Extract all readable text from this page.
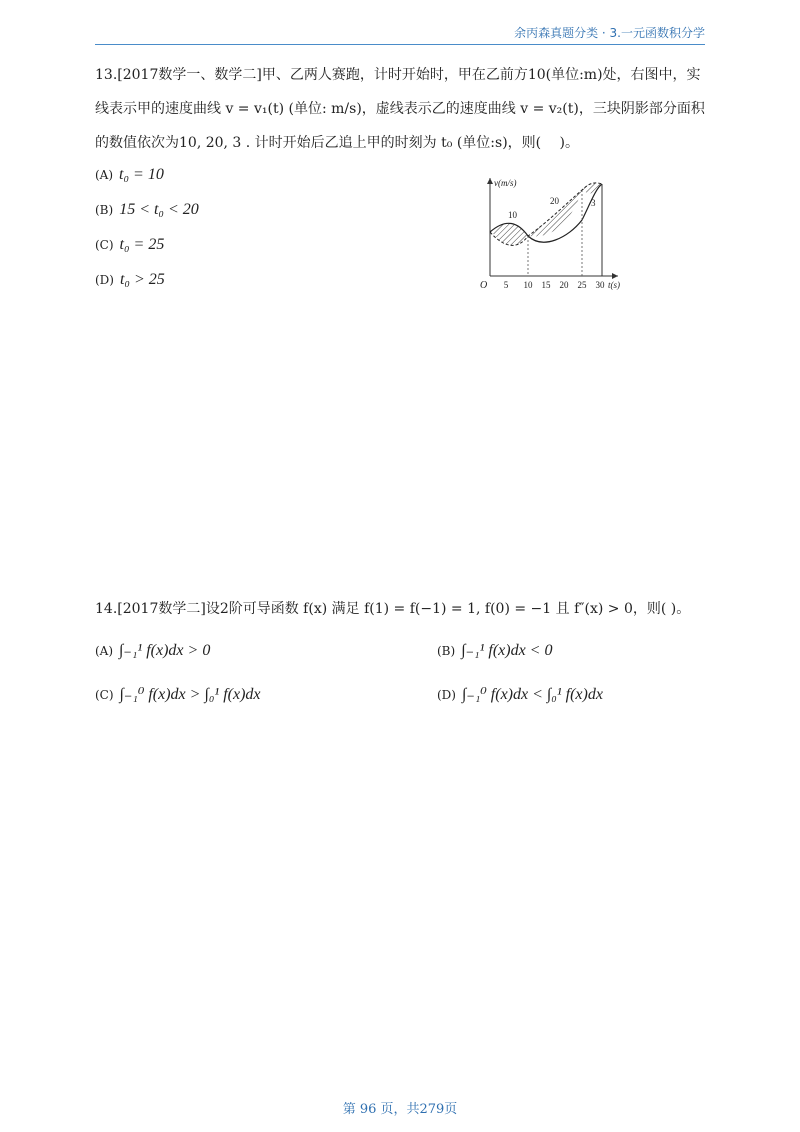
余丙森真题分类 · 3.一元函数积分学

13.[2017数学一、数学二]甲、乙两人赛跑，计时开始时，甲在乙前方10(单位:m)处，右图中，实

线表示甲的速度曲线 v = v₁(t) (单位: m/s)，虚线表示乙的速度曲线 v = v₂(t)，三块阴影部分面积

的数值依次为10, 20, 3 . 计时开始后乙追上甲的时刻为 t₀ (单位:s)，则(　 )。

(A) t₀ = 10
(B) 15 < t₀ < 20
(C) t₀ = 25
(D) t₀ > 25
v(m/s)
O 5 10 15 20 25 30 t(s)
10
20	3
14.[2017数学二]设2阶可导函数 f(x) 满足 f(1) = f(−1) = 1, f(0) = −1 且 f″(x) > 0，则( )。
(A) ∫₋₁¹ f(x)dx > 0	(B) ∫₋₁¹ f(x)dx < 0
(C) ∫₋₁⁰ f(x)dx > ∫₀¹ f(x)dx	(D) ∫₋₁⁰ f(x)dx < ∫₀¹ f(x)dx
第 96 页，共279页
